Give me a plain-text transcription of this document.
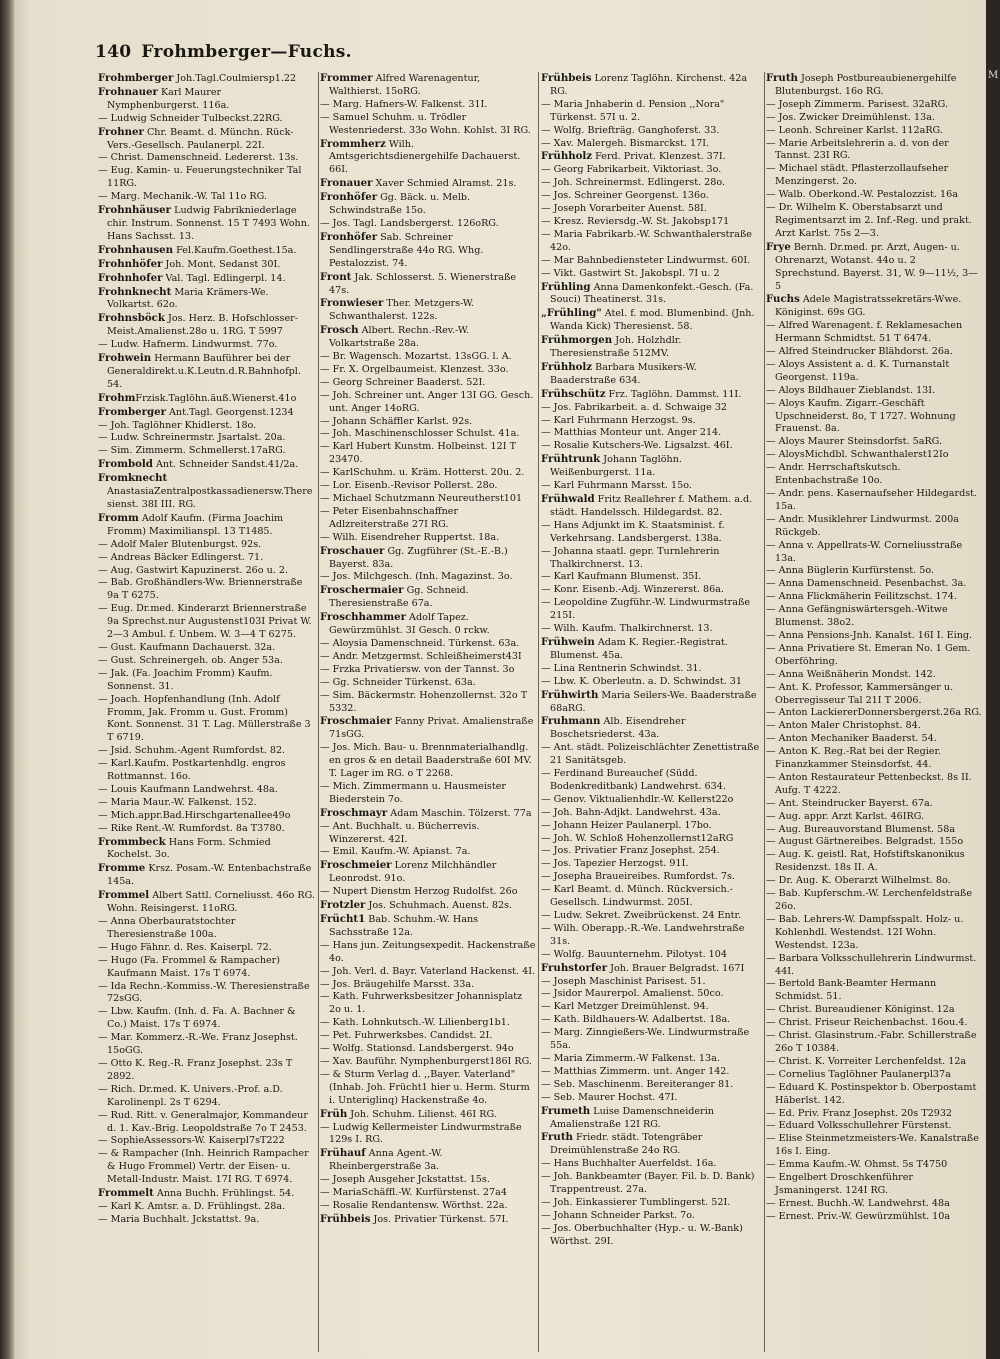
140 Frohmberger—Fuchs.
Frohmberger Joh.Tagl.Coulmiersp1.22
Frohnauer Karl Maurer Nymphenburgerst. 116a.
— Ludwig Schneider Tulbeckst.22RG.
Frohner Chr. Beamt. d. Münchn. Rück-Vers.-Gesellsch. Paulanerpl. 22I.
— Christ. Damenschneid. Ledererst. 13s.
— Eug. Kamin- u. Feuerungstechniker Tal 11RG.
— Marg. Mechanik.-W. Tal 11o RG.
Frohnhäuser Ludwig Fabrikniederlage chir. Instrum. Sonnenst. 15 T 7493 Wohn. Hans Sachsst. 13.
Frohnhausen Fel.Kaufm.Goethest.15a.
Frohnhöfer Joh. Mont. Sedanst 30I.
Frohnhofer Val. Tagl. Edlingerpl. 14.
Frohnknecht Maria Krämers-We. Volkartst. 62o.
Frohnsböck Jos. Herz. B. Hofschlosser-Meist.Amalienst.28o u. 1RG. T 5997
— Ludw. Hafnerm. Lindwurmst. 77o.
Frohwein Hermann Bauführer bei der Generaldirekt.u.K.Leutn.d.R.Bahnhofpl. 54.
FrohmFrzisk.Taglöhn.äuß.Wienerst.41o
Fromberger Ant.Tagl. Georgenst.1234
— Joh. Taglöhner Khidlerst. 18o.
— Ludw. Schreinermstr. Jsartalst. 20a.
— Sim. Zimmerm. Schmellerst.17aRG.
Frombold Ant. Schneider Sandst.41/2a.
Fromknecht AnastasiaZentralpostkassadienersw.Theresienst. 38I III. RG.
Fromm Adolf Kaufm. (Firma Joachim Fromm) Maximilianspl. 13 T1485.
— Adolf Maler Blutenburgst. 92s.
— Andreas Bäcker Edlingerst. 71.
— Aug. Gastwirt Kapuzinerst. 26o u. 2.
— Bab. Großhändlers-Ww. Briennerstraße 9a T 6275.
— Eug. Dr.med. Kinderarzt Briennerstraße 9a Sprechst.nur Augustenst103I Privat W. 2—3 Ambul. f. Unbem. W. 3—4 T 6275.
— Gust. Kaufmann Dachauerst. 32a.
— Gust. Schreinergeh. ob. Anger 53a.
— Jak. (Fa. Joachim Fromm) Kaufm. Sonnenst. 31.
— Joach. Hopfenhandlung (Inh. Adolf Fromm, Jak. Fromm u. Gust. Fromm) Kont. Sonnenst. 31 T. Lag. Müllerstraße 3 T 6719.
— Jsid. Schuhm.-Agent Rumfordst. 82.
— Karl.Kaufm. Postkartenhdlg. engros Rottmannst. 16o.
— Louis Kaufmann Landwehrst. 48a.
— Maria Maur.-W. Falkenst. 152.
— Mich.appr.Bad.Hirschgartenallee49o
— Rike Rent.-W. Rumfordst. 8a T3780.
Frommbeck Hans Form. Schmied Kochelst. 3o.
Fromme Krsz. Posam.-W. Entenbachstraße 145a.
Frommel Albert Sattl. Corneliusst. 46o RG. Wohn. Reisingerst. 11oRG.
— Anna Oberbauratstochter Theresienstraße 100a.
— Hugo Fähnr. d. Res. Kaiserpl. 72.
— Hugo (Fa. Frommel & Rampacher) Kaufmann Maist. 17s T 6974.
— Ida Rechn.-Kommiss.-W. Theresienstraße 72sGG.
— Lbw. Kaufm. (Inh. d. Fa. A. Bachner & Co.) Maist. 17s T 6974.
— Mar. Kommerz.-R.-We. Franz Josephst. 15oGG.
— Otto K. Reg.-R. Franz Josephst. 23s T 2892.
— Rich. Dr.med. K. Univers.-Prof. a.D. Karolinenpl. 2s T 6294.
— Rud. Ritt. v. Generalmajor, Kommandeur d. 1. Kav.-Brig. Leopoldstraße 7o T 2453.
— SophieAssessors-W. Kaiserpl7sT222
— & Rampacher (Inh. Heinrich Rampacher & Hugo Frommel) Vertr. der Eisen- u. Metall-Industr. Maist. 17I RG. T 6974.
Frommelt Anna Buchh. Frühlingst. 54.
— Karl K. Amtsr. a. D. Frühlingst. 28a.
— Maria Buchhalt. Jckstattst. 9a.
Frommer Alfred Warenagentur, Walthierst. 15oRG.
— Marg. Hafners-W. Falkenst. 31I.
— Samuel Schuhm. u. Trödler Westenriederst. 33o Wohn. Kohlst. 3I RG.
Frommherz Wilh. Amtsgerichtsdienergehilfe Dachauerst. 66I.
Fronauer Xaver Schmied Alramst. 21s.
Fronhöfer Gg. Bäck. u. Melb. Schwindstraße 15o.
— Jos. Tagl. Landsbergerst. 126oRG.
Fronhöfer Sab. Schreiner Sendlingerstraße 44o RG. Whg. Pestalozzist. 74.
Front Jak. Schlosserst. 5. Wienerstraße 47s.
Fronwieser Ther. Metzgers-W. Schwanthalerst. 122s.
Frosch Albert. Rechn.-Rev.-W. Volkartstraße 28a.
— Br. Wagensch. Mozartst. 13sGG. l. A.
— Fr. X. Orgelbaumeist. Klenzest. 33o.
— Georg Schreiner Baaderst. 52I.
— Joh. Schreiner unt. Anger 13I GG. Gesch. unt. Anger 14oRG.
— Johann Schäffler Karlst. 92s.
— Joh. Maschinenschlosser Schulst. 41a.
— Karl Hubert Kunstm. Holbeinst. 12I T 23470.
— KarlSchuhm. u. Kräm. Hotterst. 20u. 2.
— Lor. Eisenb.-Revisor Pollerst. 28o.
— Michael Schutzmann Neureutherst101
— Peter Eisenbahnschaffner Adlzreiterstraße 27I RG.
— Wilh. Eisendreher Ruppertst. 18a.
Froschauer Gg. Zugführer (St.-E.-B.) Bayerst. 83a.
— Jos. Milchgesch. (Inh. Magazinst. 3o.
Froschermaier Gg. Schneid. Theresienstraße 67a.
Froschhammer Adolf Tapez. Gewürzmühlst. 3I Gesch. 0 rckw.
— Aloysia Damenschneid. Türkenst. 63a.
— Andr. Metzgermst. Schleißheimerst43I
— Frzka Privatiersw. von der Tannst. 3o
— Gg. Schneider Türkenst. 63a.
— Sim. Bäckermstr. Hohenzollernst. 32o T 5332.
Froschmaier Fanny Privat. Amalienstraße 71sGG.
— Jos. Mich. Bau- u. Brennmaterialhandlg. en gros & en detail Baaderstraße 60I MV. T. Lager im RG. o T 2268.
— Mich. Zimmermann u. Hausmeister Biederstein 7o.
Froschmayr Adam Maschin. Tölzerst. 77a
— Ant. Buchhalt. u. Bücherrevis. Winzererst. 42I.
— Emil. Kaufm.-W. Apianst. 7a.
Froschmeier Lorenz Milchhändler Leonrodst. 91o.
— Nupert Dienstm Herzog Rudolfst. 26o
Frotzler Jos. Schuhmach. Auenst. 82s.
Frücht1 Bab. Schuhm.-W. Hans Sachsstraße 12a.
— Hans jun. Zeitungsexpedit. Hackenstraße 4o.
— Joh. Verl. d. Bayr. Vaterland Hackenst. 4I.
— Jos. Bräugehilfe Marsst. 33a.
— Kath. Fuhrwerksbesitzer Johannisplatz 2o u. 1.
— Kath. Lohnkutsch.-W. Lilienberg1b1.
— Pet. Fuhrwerksbes. Candidst. 2I.
— Wolfg. Stationsd. Landsbergerst. 94o
— Xav. Bauführ. Nymphenburgerst186I RG.
— & Sturm Verlag d. ,,Bayer. Vaterland" (Inhab. Joh. Frücht1 hier u. Herm. Sturm i. Unteriglinq) Hackenstraße 4o.
Früh Joh. Schuhm. Lilienst. 46I RG.
— Ludwig Kellermeister Lindwurmstraße 129s I. RG.
Frühauf Anna Agent.-W. Rheinbergerstraße 3a.
— Joseph Ausgeher Jckstattst. 15s.
— MariaSchäffl.-W. Kurfürstenst. 27a4
— Rosalie Rendantensw. Wörthst. 22a.
Frühbeis Jos. Privatier Türkenst. 57I.
Frühbeis Lorenz Taglöhn. Kirchenst. 42a RG.
— Maria Jnhaberin d. Pension ,,Nora" Türkenst. 57I u. 2.
— Wolfg. Briefträg. Ganghoferst. 33.
— Xav. Malergeh. Bismarckst. 17I.
Frühholz Ferd. Privat. Klenzest. 37I.
— Georg Fabrikarbeit. Viktoriast. 3o.
— Joh. Schreinermst. Edlingerst. 28o.
— Jos. Schreiner Georgenst. 136o.
— Joseph Vorarbeiter Auenst. 58I.
— Kresz. Reviersdg.-W. St. Jakobsp171
— Maria Fabrikarb.-W. Schwanthalerstraße 42o.
— Mar Bahnbediensteter Lindwurmst. 60I.
— Vikt. Gastwirt St. Jakobspl. 7I u. 2
Frühling Anna Damenkonfekt.-Gesch. (Fa. Souci) Theatinerst. 31s.
„Frühling" Atel. f. mod. Blumenbind. (Jnh. Wanda Kick) Theresienst. 58.
Frühmorgen Joh. Holzhdlr. Theresienstraße 512MV.
Frühholz Barbara Musikers-W. Baaderstraße 634.
Frühschütz Frz. Taglöhn. Dammst. 11I.
— Jos. Fabrikarbeit. a. d. Schwaige 32
— Karl Fuhrmann Herzogst. 9s.
— Matthias Monteur unt. Anger 214.
— Rosalie Kutschers-We. Ligsalzst. 46I.
Frühtrunk Johann Taglöhn. Weißenburgerst. 11a.
— Karl Fuhrmann Marsst. 15o.
Frühwald Fritz Reallehrer f. Mathem. a.d. städt. Handelssch. Hildegardst. 82.
— Hans Adjunkt im K. Staatsminist. f. Verkehrsang. Landsbergerst. 138a.
— Johanna staatl. gepr. Turnlehrerin Thalkirchnerst. 13.
— Karl Kaufmann Blumenst. 35I.
— Konr. Eisenb.-Adj. Winzererst. 86a.
— Leopoldine Zugführ.-W. Lindwurmstraße 215I.
— Wilh. Kaufm. Thalkirchnerst. 13.
Frühwein Adam K. Regier.-Registrat. Blumenst. 45a.
— Lina Rentnerin Schwindst. 31.
— Lbw. K. Oberleutn. a. D. Schwindst. 31
Frühwirth Maria Seilers-We. Baaderstraße 68aRG.
Fruhmann Alb. Eisendreher Boschetsriederst. 43a.
— Ant. städt. Polizeischlächter Zenettistraße 21 Sanitätsgeb.
— Ferdinand Bureauchef (Südd. Bodenkreditbank) Landwehrst. 634.
— Genov. Viktualienhdlr.-W. Kellerst22o
— Joh. Bahn-Adjkt. Landwehrst. 43a.
— Johann Heizer Paulanerpl. 17bo.
— Joh. W. Schloß Hohenzollernst12aRG
— Jos. Privatier Franz Josephst. 254.
— Jos. Tapezier Herzogst. 91I.
— Josepha Braueireibes. Rumfordst. 7s.
— Karl Beamt. d. Münch. Rückversich.-Gesellsch. Lindwurmst. 205I.
— Ludw. Sekret. Zweibrückenst. 24 Entr.
— Wilh. Oberapp.-R.-We. Landwehrstraße 31s.
— Wolfg. Bauunternehm. Pilotyst. 104
Fruhstorfer Joh. Brauer Belgradst. 167I
— Joseph Maschinist Parisest. 51.
— Jsidor Maurerpol. Amalienst. 50co.
— Karl Metzger Dreimühlenst. 94.
— Kath. Bildhauers-W. Adalbertst. 18a.
— Marg. Zinngießers-We. Lindwurmstraße 55a.
— Maria Zimmerm.-W Falkenst. 13a.
— Matthias Zimmerm. unt. Anger 142.
— Seb. Maschinenm. Bereiteranger 81.
— Seb. Maurer Hochst. 47I.
Frumeth Luise Damenschneiderin Amalienstraße 12I RG.
Fruth Friedr. städt. Totengräber Dreimühlenstraße 24o RG.
— Hans Buchhalter Auerfeldst. 16a.
— Joh. Bankbeamter (Bayer. Fil. b. D. Bank) Trappentreust. 27a.
— Joh. Einkassierer Tumblingerst. 52I.
— Johann Schneider Parkst. 7o.
— Jos. Oberbuchhalter (Hyp.- u. W.-Bank) Wörthst. 29I.
Fruth Joseph Postbureaubienergehilfe Blutenburgst. 16o RG.
— Joseph Zimmerm. Parisest. 32aRG.
— Jos. Zwicker Dreimühlenst. 13a.
— Leonh. Schreiner Karlst. 112aRG.
— Marie Arbeitslehrerin a. d. von der Tannst. 23I RG.
— Michael städt. Pflasterzollaufseher Menzingerst. 2o.
— Walb. Oberkond.-W. Pestalozzist. 16a
— Dr. Wilhelm K. Oberstabsarzt und Regimentsarzt im 2. Inf.-Reg. und prakt. Arzt Karlst. 75s 2—3.
Frye Bernh. Dr.med. pr. Arzt, Augen- u. Ohrenarzt, Wotanst. 44o u. 2 Sprechstund. Bayerst. 31, W. 9—11½, 3—5
Fuchs Adele Magistratssekretärs-Wwe. Königinst. 69s GG.
— Alfred Warenagent. f. Reklamesachen Hermann Schmidtst. 51 T 6474.
— Alfred Steindrucker Blähdorst. 26a.
— Aloys Assistent a. d. K. Turnanstalt Georgenst. 119a.
— Aloys Bildhauer Zieblandst. 13I.
— Aloys Kaufm. Zigarr.-Geschäft Upschneiderst. 8o, T 1727. Wohnung Frauenst. 8a.
— Aloys Maurer Steinsdorfst. 5aRG.
— AloysMichdbl. Schwanthalerst12Io
— Andr. Herrschaftskutsch. Entenbachstraße 10o.
— Andr. pens. Kasernaufseher Hildegardst. 15a.
— Andr. Musiklehrer Lindwurmst. 200a Rückgeb.
— Anna v. Appellrats-W. Corneliusstraße 13a.
— Anna Büglerin Kurfürstenst. 5o.
— Anna Damenschneid. Pesenbachst. 3a.
— Anna Flickmäherin Feilitzschst. 174.
— Anna Gefängniswärtersgeh.-Witwe Blumenst. 38o2.
— Anna Pensions-Jnh. Kanalst. 16I I. Eing.
— Anna Privatiere St. Emeran No. 1 Gem. Oberföhring.
— Anna Weißnäherin Mondst. 142.
— Ant. K. Professor, Kammersänger u. Oberregisseur Tal 21I T 2006.
— Anton LackiererDonnersbergerst.26a RG.
— Anton Maler Christophst. 84.
— Anton Mechaniker Baaderst. 54.
— Anton K. Reg.-Rat bei der Regier. Finanzkammer Steinsdorfst. 44.
— Anton Restaurateur Pettenbeckst. 8s II. Aufg. T 4222.
— Ant. Steindrucker Bayerst. 67a.
— Aug. appr. Arzt Karlst. 46IRG.
— Aug. Bureauvorstand Blumenst. 58a
— August Gärtnereibes. Belgradst. 155o
— Aug. K. geistl. Rat, Hofstiftskanonikus Residenzst. 18s II. A.
— Dr. Aug. K. Oberarzt Wilhelmst. 8o.
— Bab. Kupferschm.-W. Lerchenfeldstraße 26o.
— Bab. Lehrers-W. Dampfsspalt. Holz- u. Kohlenhdl. Westendst. 12I Wohn. Westendst. 123a.
— Barbara Volksschullehrerin Lindwurmst. 44I.
— Bertold Bank-Beamter Hermann Schmidst. 51.
— Christ. Bureaudiener Königinst. 12a
— Christ. Friseur Reichenbachst. 16ou.4.
— Christ. Glasinstrum.-Fabr. Schillerstraße 26o T 10384.
— Christ. K. Vorreiter Lerchenfeldst. 12a
— Cornelius Taglöhner Paulanerpl37a
— Eduard K. Postinspektor b. Oberpostamt Häberlst. 142.
— Ed. Priv. Franz Josephst. 20s T2932
— Eduard Volksschullehrer Fürstenst.
— Elise Steinmetzmeisters-We. Kanalstraße 16s I. Eing.
— Emma Kaufm.-W. Ohmst. 5s T4750
— Engelbert Droschkenführer Jsmaningerst. 124I RG.
— Ernest. Buchh.-W. Landwehrst. 48a
— Ernest. Priv.-W. Gewürzmühlst. 10a
M
